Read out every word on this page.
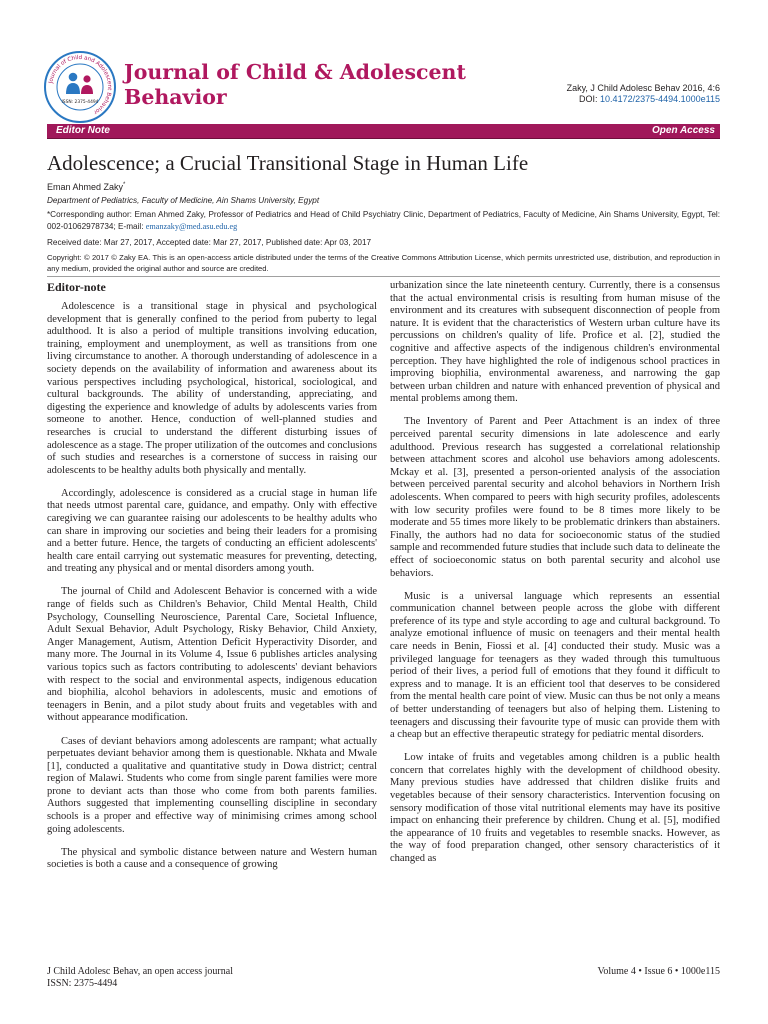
Journal of Child and Adolescent Behavior
ISSN: 2375-4494
Journal of Child & Adolescent
Behavior	Zaky, J Child Adolesc Behav 2016, 4:6
DOI: 10.4172/2375-4494.1000e115
Editor Note	Open Access
Adolescence; a Crucial Transitional Stage in Human Life
Eman Ahmed Zaky*
Department of Pediatrics, Faculty of Medicine, Ain Shams University, Egypt
*Corresponding author: Eman Ahmed Zaky, Professor of Pediatrics and Head of Child Psychiatry Clinic, Department of Pediatrics, Faculty of Medicine, Ain Shams University, Egypt, Tel: 002-01062978734; E-mail: emanzaky@med.asu.edu.eg
Received date: Mar 27, 2017, Accepted date: Mar 27, 2017, Published date: Apr 03, 2017
Copyright: © 2017 © Zaky EA. This is an open-access article distributed under the terms of the Creative Commons Attribution License, which permits unrestricted use, distribution, and reproduction in any medium, provided the original author and source are credited.
Editor-note

Adolescence is a transitional stage in physical and psychological development that is generally confined to the period from puberty to legal adulthood. It is also a period of multiple transitions involving education, training, employment and unemployment, as well as transitions from one living circumstance to another. A thorough understanding of adolescence in a society depends on the availability of information and awareness about its various perspectives including psychological, historical, sociological, and cultural backgrounds. The ability of understanding, appreciating, and digesting the experience and knowledge of adults by adolescents varies from someone to another. Hence, conduction of well-planned studies and researches is crucial to understand the different disturbing issues of adolescence as a stage. The proper utilization of the outcomes and conclusions of such studies and researches is a cornerstone of success in raising our adolescents to be healthy adults both physically and mentally.

Accordingly, adolescence is considered as a crucial stage in human life that needs utmost parental care, guidance, and empathy. Only with effective caregiving we can guarantee raising our adolescents to be healthy adults who can share in improving our societies and being their leaders for a promising and a better future. Hence, the targets of conducting an efficient adolescents' health care entail carrying out systematic measures for preventing, detecting, and treating any physical and or mental disorders among youth.

The journal of Child and Adolescent Behavior is concerned with a wide range of fields such as Children's Behavior, Child Mental Health, Child Psychology, Counselling Neuroscience, Parental Care, Societal Influence, Adult Sexual Behavior, Adult Psychology, Risky Behavior, Child Anxiety, Anger Management, Autism, Attention Deficit Hyperactivity Disorder, and many more. The Journal in its Volume 4, Issue 6 publishes articles analysing various topics such as factors contributing to adolescents' deviant behaviors with respect to the social and environmental aspects, indigenous education and biophilia, alcohol behaviors in adolescents, music and emotions of teenagers in Benin, and a pilot study about fruits and vegetables with and without appearance modification.

Cases of deviant behaviors among adolescents are rampant; what actually perpetuates deviant behavior among them is questionable. Nkhata and Mwale [1], conducted a qualitative and quantitative study in Dowa district; central region of Malawi. Students who come from single parent families were more prone to deviant acts than those who come from both parents families. Authors suggested that implementing counselling discipline in secondary schools is a proper and effective way of minimising crimes among school going adolescents.

The physical and symbolic distance between nature and Western human societies is both a cause and a consequence of growing

urbanization since the late nineteenth century. Currently, there is a consensus that the actual environmental crisis is resulting from human misuse of the environment and its creatures with subsequent disconnection of people from nature. It is evident that the characteristics of Western urban culture have its percussions on children's quality of life. Profice et al. [2], studied the cognitive and affective aspects of the indigenous children's environmental perception. They have highlighted the role of indigenous school practices in improving biophilia, environmental awareness, and narrowing the gap between urban children and nature with enhanced prevention of physical and mental problems among them.

The Inventory of Parent and Peer Attachment is an index of three perceived parental security dimensions in late adolescence and early adulthood. Previous research has suggested a correlational relationship between attachment scores and alcohol use behaviors among adolescents. Mckay et al. [3], presented a person-oriented analysis of the association between perceived parental security and alcohol behaviors in Northern Irish adolescents. When compared to peers with high security profiles, adolescents with low security profiles were found to be 8 times more likely to be moderate and 55 times more likely to be problematic drinkers than abstainers. Finally, the authors had no data for socioeconomic status of the studied sample and recommended future studies that include such data to delineate the effect of socioeconomic status on both parental security and alcohol use behaviors.

Music is a universal language which represents an essential communication channel between people across the globe with different preference of its type and style according to age and cultural background. To analyze emotional influence of music on teenagers and their mental health care needs in Benin, Fiossi et al. [4] conducted their study. Music was a privileged language for teenagers as they waded through this tumultuous period of their lives, a period full of emotions that they found it difficult to express and to manage. It is an efficient tool that deserves to be considered from the mental health care point of view. Music can thus be not only a means of better understanding of teenagers but also of helping them. Listening to teenagers and discussing their favourite type of music can provide them with a cheap but an effective therapeutic strategy for pediatric mental disorders.

Low intake of fruits and vegetables among children is a public health concern that correlates highly with the development of childhood obesity. Many previous studies have addressed that children dislike fruits and vegetables because of their sensory characteristics. Intervention focusing on sensory modification of those vital nutritional elements may have its positive impact on enhancing their preference by children. Chung et al. [5], modified the appearance of 10 fruits and vegetables to resemble snacks. However, as the way of food preparation changed, other sensory characteristics of it changed as

J Child Adolesc Behav, an open access journal
ISSN: 2375-4494
Volume 4 • Issue 6 • 1000e115
